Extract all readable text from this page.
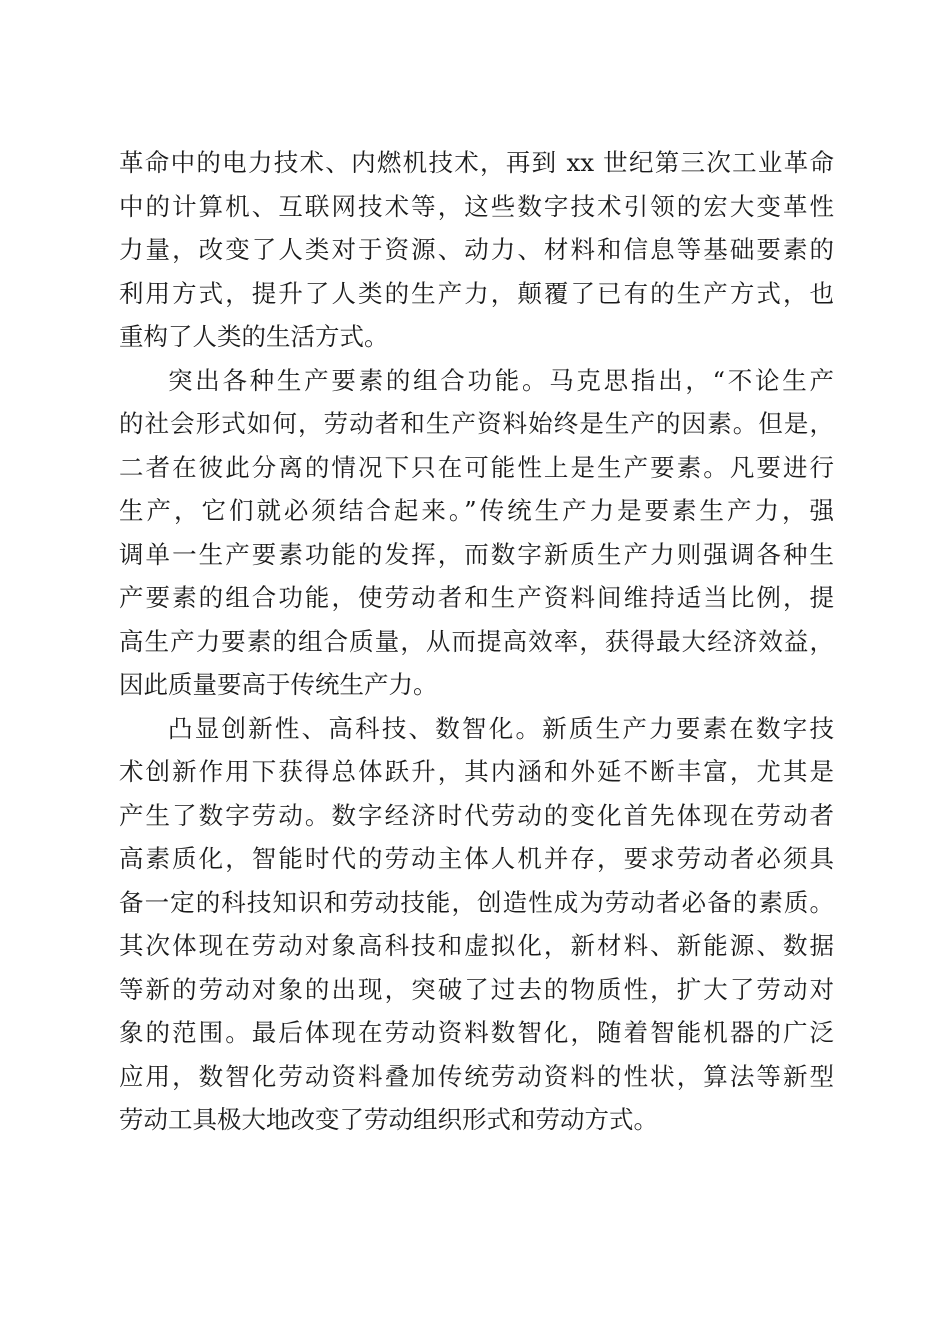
革命中的电力技术、内燃机技术，再到 xx 世纪第三次工业革命
中的计算机、互联网技术等，这些数字技术引领的宏大变革性
力量，改变了人类对于资源、动力、材料和信息等基础要素的
利用方式，提升了人类的生产力，颠覆了已有的生产方式，也
重构了人类的生活方式。
突出各种生产要素的组合功能。马克思指出，“不论生产
的社会形式如何，劳动者和生产资料始终是生产的因素。但是，
二者在彼此分离的情况下只在可能性上是生产要素。凡要进行
生产，它们就必须结合起来。”传统生产力是要素生产力，强
调单一生产要素功能的发挥，而数字新质生产力则强调各种生
产要素的组合功能，使劳动者和生产资料间维持适当比例，提
高生产力要素的组合质量，从而提高效率，获得最大经济效益，
因此质量要高于传统生产力。
凸显创新性、高科技、数智化。新质生产力要素在数字技
术创新作用下获得总体跃升，其内涵和外延不断丰富，尤其是
产生了数字劳动。数字经济时代劳动的变化首先体现在劳动者
高素质化，智能时代的劳动主体人机并存，要求劳动者必须具
备一定的科技知识和劳动技能，创造性成为劳动者必备的素质。
其次体现在劳动对象高科技和虚拟化，新材料、新能源、数据
等新的劳动对象的出现，突破了过去的物质性，扩大了劳动对
象的范围。最后体现在劳动资料数智化，随着智能机器的广泛
应用，数智化劳动资料叠加传统劳动资料的性状，算法等新型
劳动工具极大地改变了劳动组织形式和劳动方式。
